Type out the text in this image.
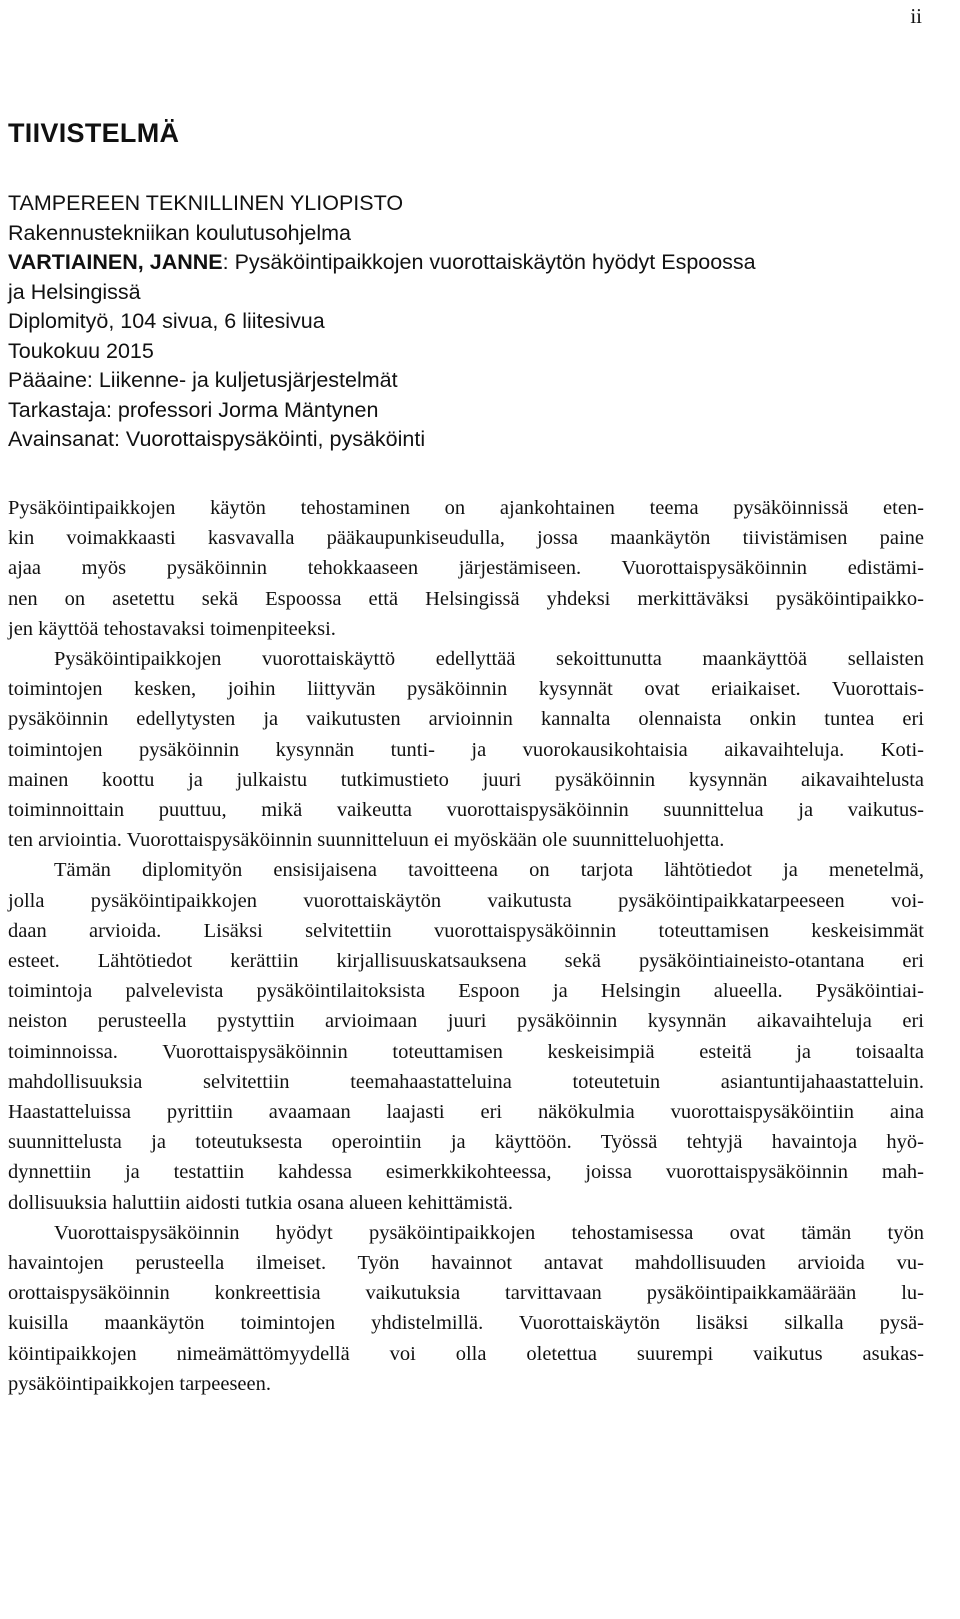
ii
TIIVISTELMÄ
TAMPEREEN TEKNILLINEN YLIOPISTO
Rakennustekniikan koulutusohjelma
VARTIAINEN, JANNE: Pysäköintipaikkojen vuorottaiskäytön hyödyt Espoossa
ja Helsingissä
Diplomityö, 104 sivua, 6 liitesivua
Toukokuu 2015
Pääaine: Liikenne- ja kuljetusjärjestelmät
Tarkastaja: professori Jorma Mäntynen
Avainsanat: Vuorottaispysäköinti, pysäköinti
Pysäköintipaikkojen käytön tehostaminen on ajankohtainen teema pysäköinnissä eten-
kin voimakkaasti kasvavalla pääkaupunkiseudulla, jossa maankäytön tiivistämisen paine
ajaa myös pysäköinnin tehokkaaseen järjestämiseen. Vuorottaispysäköinnin edistämi-
nen on asetettu sekä Espoossa että Helsingissä yhdeksi merkittäväksi pysäköintipaikko-
jen käyttöä tehostavaksi toimenpiteeksi.
Pysäköintipaikkojen vuorottaiskäyttö edellyttää sekoittunutta maankäyttöä sellaisten
toimintojen kesken, joihin liittyvän pysäköinnin kysynnät ovat eriaikaiset. Vuorottais-
pysäköinnin edellytysten ja vaikutusten arvioinnin kannalta olennaista onkin tuntea eri
toimintojen pysäköinnin kysynnän tunti- ja vuorokausikohtaisia aikavaihteluja. Koti-
mainen koottu ja julkaistu tutkimustieto juuri pysäköinnin kysynnän aikavaihtelusta
toiminnoittain puuttuu, mikä vaikeutta vuorottaispysäköinnin suunnittelua ja vaikutus-
ten arviointia. Vuorottaispysäköinnin suunnitteluun ei myöskään ole suunnitteluohjetta.
Tämän diplomityön ensisijaisena tavoitteena on tarjota lähtötiedot ja menetelmä,
jolla pysäköintipaikkojen vuorottaiskäytön vaikutusta pysäköintipaikkatarpeeseen voi-
daan arvioida. Lisäksi selvitettiin vuorottaispysäköinnin toteuttamisen keskeisimmät
esteet. Lähtötiedot kerättiin kirjallisuuskatsauksena sekä pysäköintiaineisto-otantana eri
toimintoja palvelevista pysäköintilaitoksista Espoon ja Helsingin alueella. Pysäköintiai-
neiston perusteella pystyttiin arvioimaan juuri pysäköinnin kysynnän aikavaihteluja eri
toiminnoissa. Vuorottaispysäköinnin toteuttamisen keskeisimpiä esteitä ja toisaalta
mahdollisuuksia selvitettiin teemahaastatteluina toteutetuin asiantuntijahaastatteluin.
Haastatteluissa pyrittiin avaamaan laajasti eri näkökulmia vuorottaispysäköintiin aina
suunnittelusta ja toteutuksesta operointiin ja käyttöön. Työssä tehtyjä havaintoja hyö-
dynnettiin ja testattiin kahdessa esimerkkikohteessa, joissa vuorottaispysäköinnin mah-
dollisuuksia haluttiin aidosti tutkia osana alueen kehittämistä.
Vuorottaispysäköinnin hyödyt pysäköintipaikkojen tehostamisessa ovat tämän työn
havaintojen perusteella ilmeiset. Työn havainnot antavat mahdollisuuden arvioida vu-
orottaispysäköinnin konkreettisia vaikutuksia tarvittavaan pysäköintipaikkamäärään lu-
kuisilla maankäytön toimintojen yhdistelmillä. Vuorottaiskäytön lisäksi silkalla pysä-
köintipaikkojen nimeämättömyydellä voi olla oletettua suurempi vaikutus asukas-
pysäköintipaikkojen tarpeeseen.
